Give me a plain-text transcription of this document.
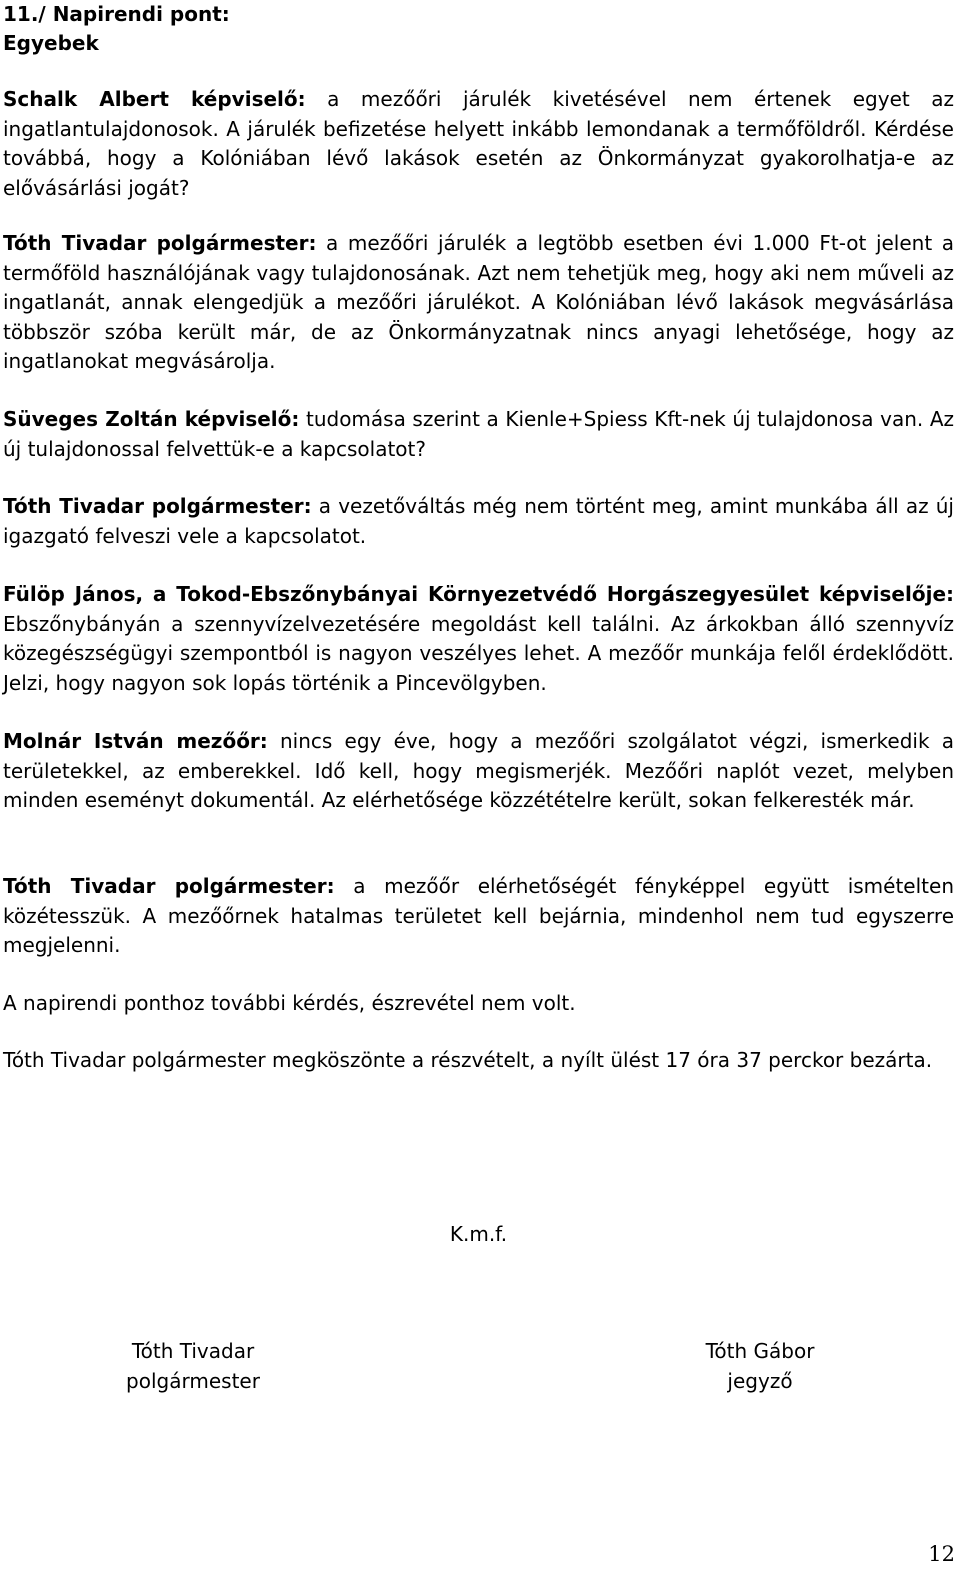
11./ Napirendi pont:

Egyebek

Schalk Albert képviselő: a mezőőri járulék kivetésével nem értenek egyet az ingatlantulajdonosok. A járulék befizetése helyett inkább lemondanak a termőföldről. Kérdése továbbá, hogy a Kolóniában lévő lakások esetén az Önkormányzat gyakorolhatja-e az elővásárlási jogát?

Tóth Tivadar polgármester: a mezőőri járulék a legtöbb esetben évi 1.000 Ft-ot jelent a termőföld használójának vagy tulajdonosának. Azt nem tehetjük meg, hogy aki nem műveli az ingatlanát, annak elengedjük a mezőőri járulékot. A Kolóniában lévő lakások megvásárlása többször szóba került már, de az Önkormányzatnak nincs anyagi lehetősége, hogy az ingatlanokat megvásárolja.

Süveges Zoltán képviselő: tudomása szerint a Kienle+Spiess Kft-nek új tulajdonosa van. Az új tulajdonossal felvettük-e a kapcsolatot?

Tóth Tivadar polgármester: a vezetőváltás még nem történt meg, amint munkába áll az új igazgató felveszi vele a kapcsolatot.

Fülöp János, a Tokod-Ebszőnybányai Környezetvédő Horgászegyesület képviselője: Ebszőnybányán a szennyvízelvezetésére megoldást kell találni. Az árkokban álló szennyvíz közegészségügyi szempontból is nagyon veszélyes lehet. A mezőőr munkája felől érdeklődött. Jelzi, hogy nagyon sok lopás történik a Pincevölgyben.

Molnár István mezőőr: nincs egy éve, hogy a mezőőri szolgálatot végzi, ismerkedik a területekkel, az emberekkel. Idő kell, hogy megismerjék. Mezőőri naplót vezet, melyben minden eseményt dokumentál. Az elérhetősége közzétételre került, sokan felkeresték már.

Tóth Tivadar polgármester: a mezőőr elérhetőségét fényképpel együtt ismételten közétesszük. A mezőőrnek hatalmas területet kell bejárnia, mindenhol nem tud egyszerre megjelenni.

A napirendi ponthoz további kérdés, észrevétel nem volt.

Tóth Tivadar polgármester megköszönte a részvételt, a nyílt ülést 17 óra 37 perckor bezárta.

K.m.f.
Tóth Tivadar
polgármester
Tóth Gábor
jegyző
12
